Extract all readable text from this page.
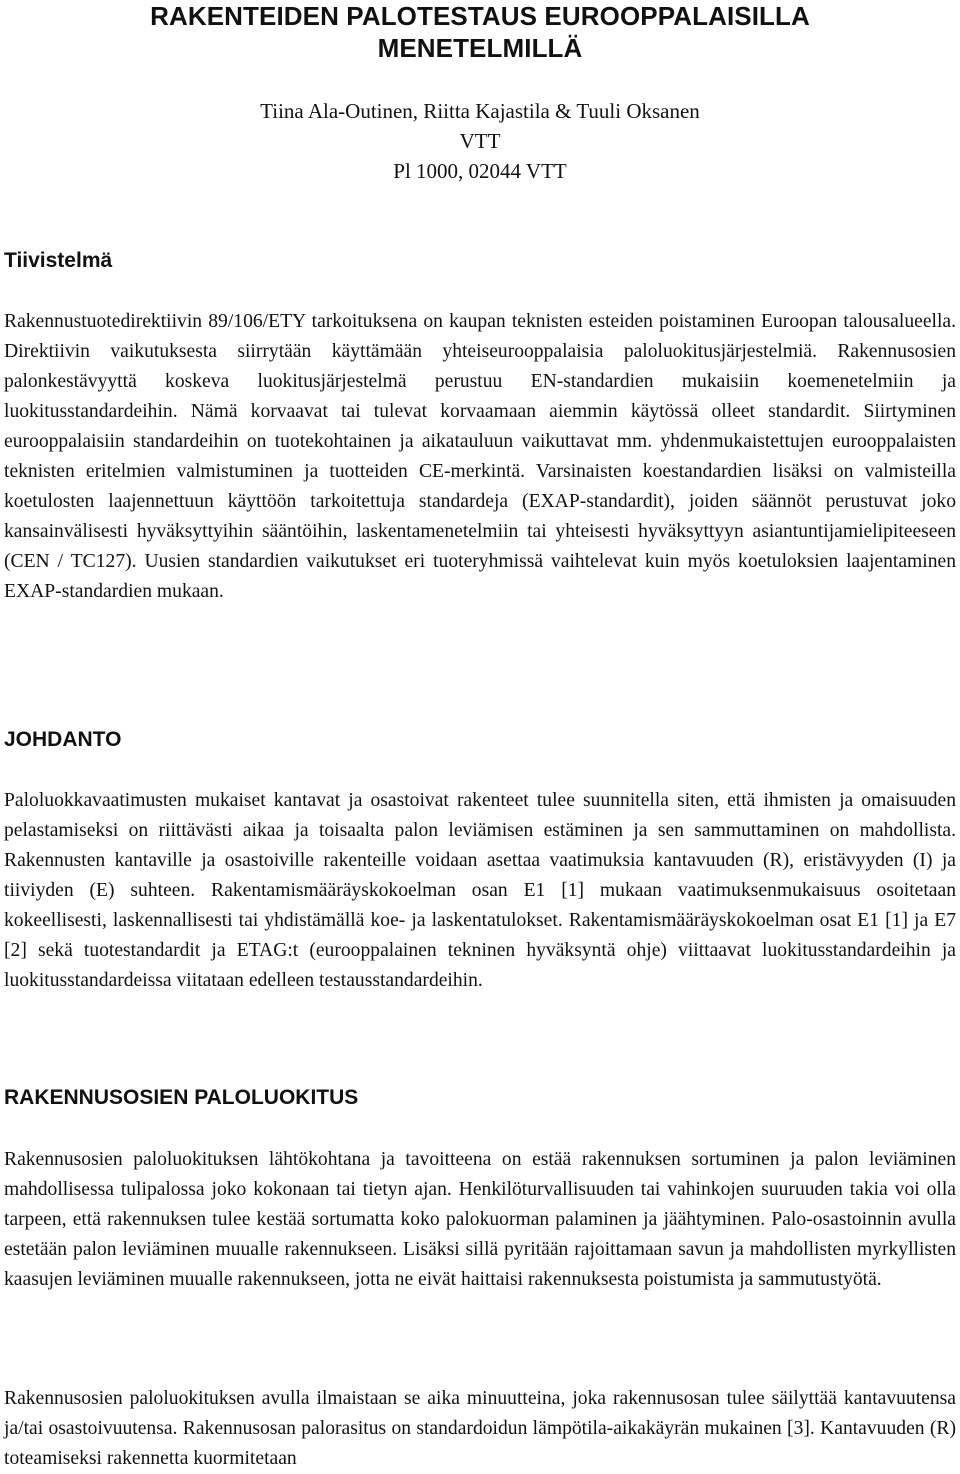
RAKENTEIDEN PALOTESTAUS EUROOPPALAISILLA
MENETELMILLÄ
Tiina Ala-Outinen, Riitta Kajastila & Tuuli Oksanen
VTT
Pl 1000, 02044 VTT
Tiivistelmä

Rakennustuotedirektiivin 89/106/ETY tarkoituksena on kaupan teknisten esteiden poistaminen Euroopan talousalueella. Direktiivin vaikutuksesta siirrytään käyttämään yhteiseurooppalaisia paloluokitusjärjestelmiä. Rakennusosien palonkestävyyttä koskeva luokitusjärjestelmä perustuu EN-standardien mukaisiin koemenetelmiin ja luokitusstandardeihin. Nämä korvaavat tai tulevat korvaamaan aiemmin käytössä olleet standardit. Siirtyminen eurooppalaisiin standardeihin on tuotekohtainen ja aikatauluun vaikuttavat mm. yhdenmukaistettujen eurooppalaisten teknisten eritelmien valmistuminen ja tuotteiden CE-merkintä. Varsinaisten koestandardien lisäksi on valmisteilla koetulosten laajennettuun käyttöön tarkoitettuja standardeja (EXAP-standardit), joiden säännöt perustuvat joko kansainvälisesti hyväksyttyihin sääntöihin, laskentamenetelmiin tai yhteisesti hyväksyttyyn asiantuntijamielipiteeseen (CEN / TC127). Uusien standardien vaikutukset eri tuoteryhmissä vaihtelevat kuin myös koetuloksien laajentaminen EXAP-standardien mukaan.

JOHDANTO

Paloluokkavaatimusten mukaiset kantavat ja osastoivat rakenteet tulee suunnitella siten, että ihmisten ja omaisuuden pelastamiseksi on riittävästi aikaa ja toisaalta palon leviämisen estäminen ja sen sammuttaminen on mahdollista. Rakennusten kantaville ja osastoiville rakenteille voidaan asettaa vaatimuksia kantavuuden (R), eristävyyden (I) ja tiiviyden (E) suhteen. Rakentamismääräyskokoelman osan E1 [1] mukaan vaatimuksenmukaisuus osoitetaan kokeellisesti, laskennallisesti tai yhdistämällä koe- ja laskentatulokset. Rakentamismääräyskokoelman osat E1 [1] ja E7 [2] sekä tuotestandardit ja ETAG:t (eurooppalainen tekninen hyväksyntä ohje) viittaavat luokitusstandardeihin ja luokitusstandardeissa viitataan edelleen testausstandardeihin.

RAKENNUSOSIEN PALOLUOKITUS

Rakennusosien paloluokituksen lähtökohtana ja tavoitteena on estää rakennuksen sortuminen ja palon leviäminen mahdollisessa tulipalossa joko kokonaan tai tietyn ajan. Henkilöturvallisuuden tai vahinkojen suuruuden takia voi olla tarpeen, että rakennuksen tulee kestää sortumatta koko palokuorman palaminen ja jäähtyminen. Palo-osastoinnin avulla estetään palon leviäminen muualle rakennukseen. Lisäksi sillä pyritään rajoittamaan savun ja mahdollisten myrkyllisten kaasujen leviäminen muualle rakennukseen, jotta ne eivät haittaisi rakennuksesta poistumista ja sammutustyötä.

Rakennusosien paloluokituksen avulla ilmaistaan se aika minuutteina, joka rakennusosan tulee säilyttää kantavuutensa ja/tai osastoivuutensa. Rakennusosan palorasitus on standardoidun lämpötila-aikakäyrän mukainen [3]. Kantavuuden (R) toteamiseksi rakennetta kuormitetaan
